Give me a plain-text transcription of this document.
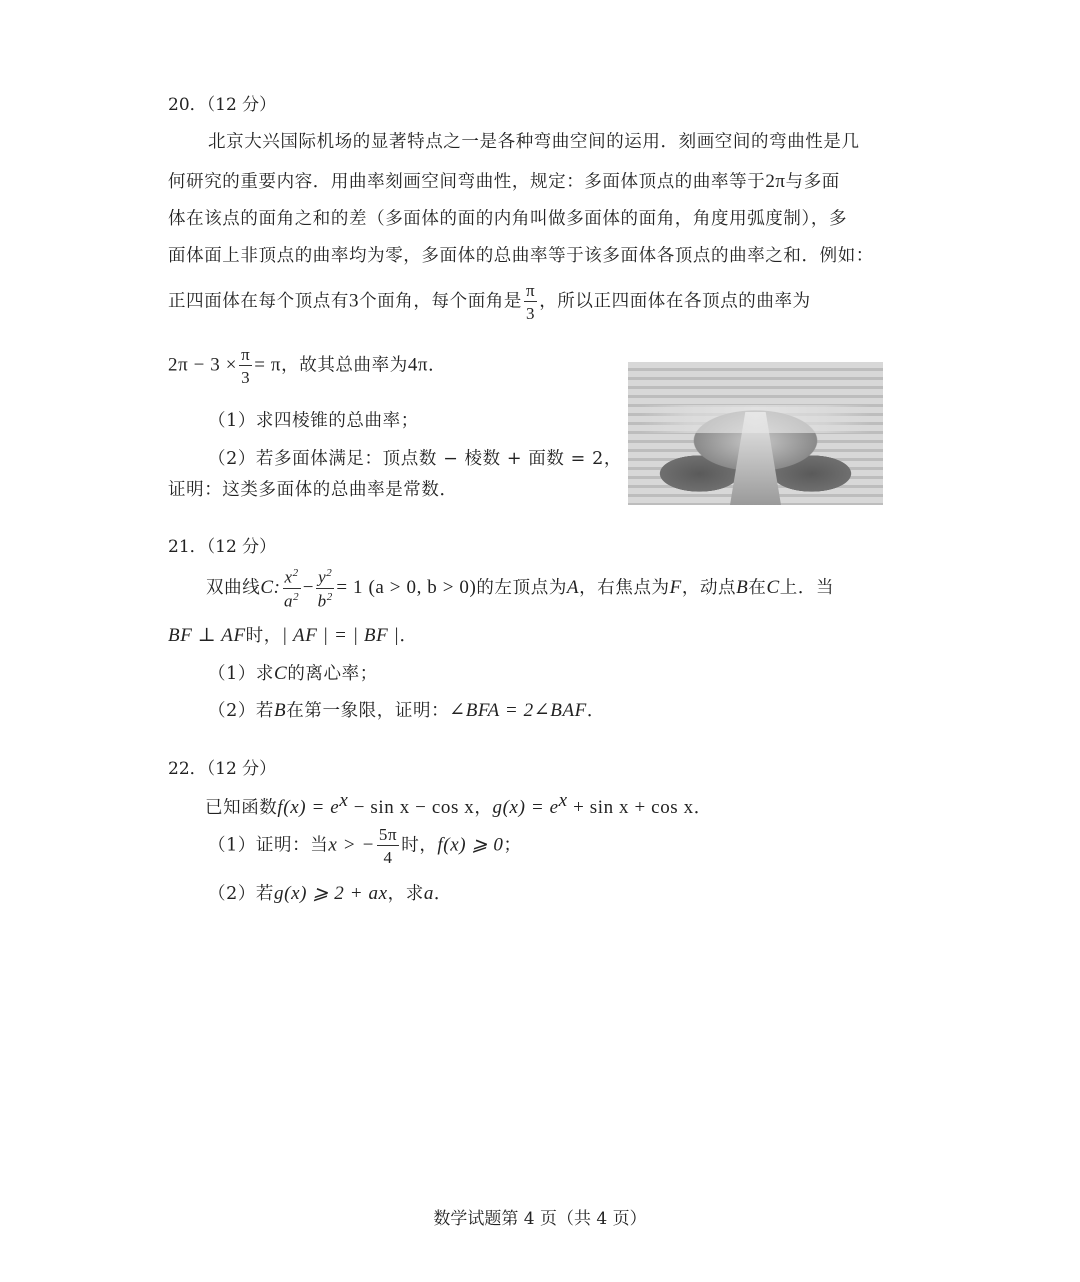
20．（12 分）
北京大兴国际机场的显著特点之一是各种弯曲空间的运用．刻画空间的弯曲性是几
何研究的重要内容．用曲率刻画空间弯曲性，规定：多面体顶点的曲率等于2π与多面
体在该点的面角之和的差（多面体的面的内角叫做多面体的面角，角度用弧度制），多
面体面上非顶点的曲率均为零，多面体的总曲率等于该多面体各顶点的曲率之和．例如：
正四面体在每个顶点有3个面角，每个面角是 $\frac{\pi}{3}$ ，所以正四面体在各顶点的曲率为
$2\pi - 3 \times \frac{\pi}{3} = \pi$，故其总曲率为4π．
（1）求四棱锥的总曲率；
（2）若多面体满足：顶点数 − 棱数 + 面数 = 2，
证明：这类多面体的总曲率是常数．
21．（12 分）
双曲线C: $\frac{x^2}{a^2} - \frac{y^2}{b^2} = 1$ (a > 0, b > 0)的左顶点为A，右焦点为F，动点B在C上．当
BF ⊥ AF时，| AF | = | BF |．
（1）求C的离心率；
（2）若B在第一象限，证明：∠BFA = 2∠BAF．
22．（12 分）
已知函数$f(x) = e^x - \sin x - \cos x$，$g(x) = e^x + \sin x + \cos x$．
（1）证明：当x > − $\frac{5\pi}{4}$ 时，f(x) ⩾ 0；
（2）若g(x) ⩾ 2 + ax，求a．
数学试题第 4 页（共 4 页）
